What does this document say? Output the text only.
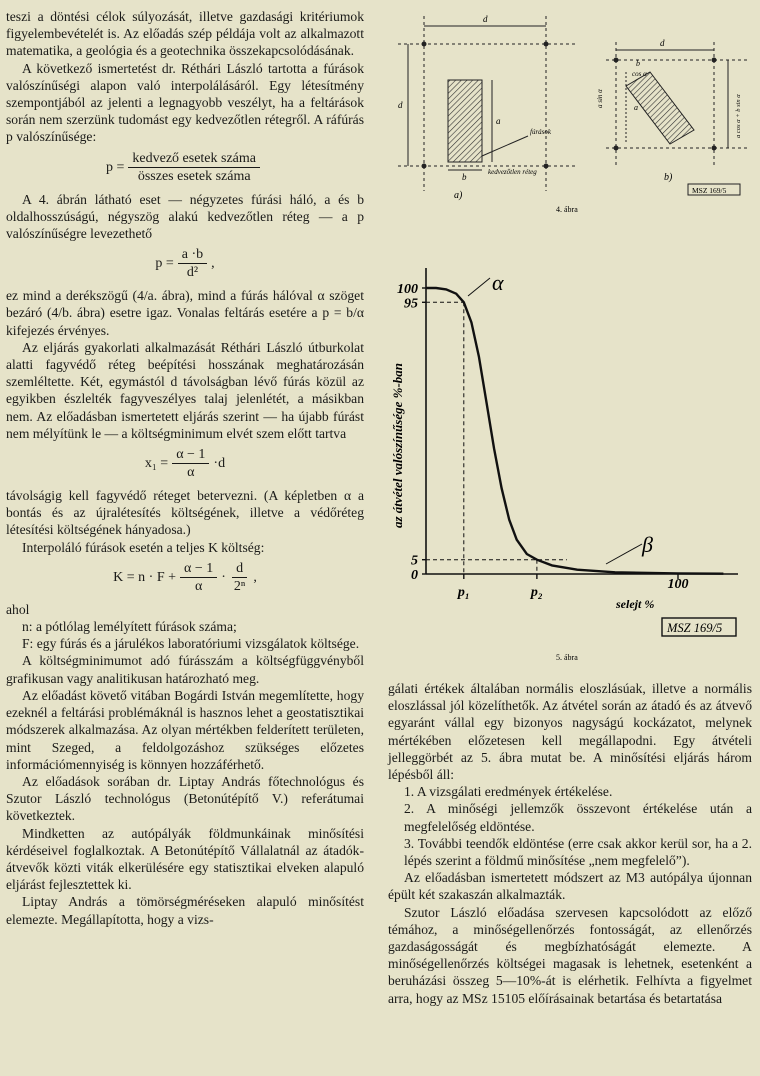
teszi a döntési célok súlyozását, illetve gazdasági kritériumok figyelembevételét is. Az előadás szép példája volt az alkalmazott matematika, a geológia és a geotechnika összekapcsolódásának.

A következő ismertetést dr. Réthári László tartotta a fúrások valószínűségi alapon való interpolálásáról. Egy létesítmény szempontjából az jelenti a legnagyobb veszélyt, ha a feltárások során nem szerzünk tudomást egy kedvezőtlen rétegről. A ráfúrás p valószínűsége:

$p = \frac{\text{kedvező esetek száma}}{\text{összes esetek száma}}$

A 4. ábrán látható eset — négyzetes fúrási háló, a és b oldalhosszúságú, négyszög alakú kedvezőtlen réteg — a p valószínűségre levezethető

$p = \frac{a \cdot b}{\text{d²}}$ ,

ez mind a derékszögű (4/a. ábra), mind a fúrás hálóval α szöget bezáró (4/b. ábra) esetre igaz. Vonalas feltárás esetére a p = b/α kifejezés érvényes.

Az eljárás gyakorlati alkalmazását Réthári László útburkolat alatti fagyvédő réteg beépítési hosszának meghatározásán szemléltette. Két, egymástól d távolságban lévő fúrás közül az egyikben észlelték fagyveszélyes talaj jelenlétét, a másikban nem. Az előadásban ismertetett eljárás szerint — ha újabb fúrást nem mélyítünk le — a költségminimum elvét szem előtt tartva

$x_1 = \frac{\alpha - 1}{\alpha} \cdot d$

távolságig kell fagyvédő réteget betervezni. (A képletben α a bontás és az újralétesítés költségének, illetve a védőréteg létesítési költségének hányadosa.)

Interpoláló fúrások esetén a teljes K költség:

$K = n \cdot F + \frac{\alpha - 1}{\alpha} \cdot \frac{d}{\text{2ⁿ}}$ ,

ahol

n: a pótlólag lemélyített fúrások száma;

F: egy fúrás és a járulékos laboratóriumi vizsgálatok költsége.

A költségminimumot adó fúrásszám a költségfüggvényből grafikusan vagy analitikusan határozható meg.

Az előadást követő vitában Bogárdi István megemlítette, hogy ezeknél a feltárási problémáknál is hasznos lehet a geostatisztikai módszerek alkalmazása. Az olyan mértékben felderített területen, mint Szeged, a feldolgozáshoz szükséges előzetes információmennyiség is könnyen hozzáférhető.

Az előadások sorában dr. Liptay András főtechnológus és Szutor László technológus (Betonútépítő V.) referátumai következtek.

Mindketten az autópályák földmunkáinak minősítési kérdéseivel foglalkoztak. A Betonútépítő Vállalatnál az átadók-átvevők közti viták elkerülésére egy statisztikai elveken alapuló eljárást fejlesztettek ki.

Liptay András a tömörségméréseken alapuló minősítést elemezte. Megállapította, hogy a vizs-

d
d
a
b
fúrások
kedvezőtlen réteg
a)
d
b
cos α
a sin α	a	a cos α + b sin α
b)
MSZ 169/5
4. ábra
100
95
5
0
p₁	p₂
100
az átvétel valószínűsége %-ban
selejt %
α
β
MSZ 169/5
5. ábra

gálati értékek általában normális eloszlásúak, illetve a normális eloszlással jól közelíthetők. Az átvétel során az átadó és az átvevő egyaránt vállal egy bizonyos nagyságú kockázatot, melynek mértékében előzetesen kell megállapodni. Egy átvételi jelleggörbét az 5. ábra mutat be. A minősítési eljárás három lépésből áll:

1. A vizsgálati eredmények értékelése.

2. A minőségi jellemzők összevont értékelése után a megfelelőség eldöntése.

3. További teendők eldöntése (erre csak akkor kerül sor, ha a 2. lépés szerint a földmű minősítése „nem megfelelő”).

Az előadásban ismertetett módszert az M3 autópálya újonnan épült két szakaszán alkalmazták.

Szutor László előadása szervesen kapcsolódott az előző témához, a minőségellenőrzés fontosságát, az ellenőrzés gazdaságosságát és megbízhatóságát elemezte. A minőségellenőrzés költségei magasak is lehetnek, esetenként a beruházási összeg 5—10%-át is elérhetik. Felhívta a figyelmet arra, hogy az MSz 15105 előírásainak betartása és betartatása
